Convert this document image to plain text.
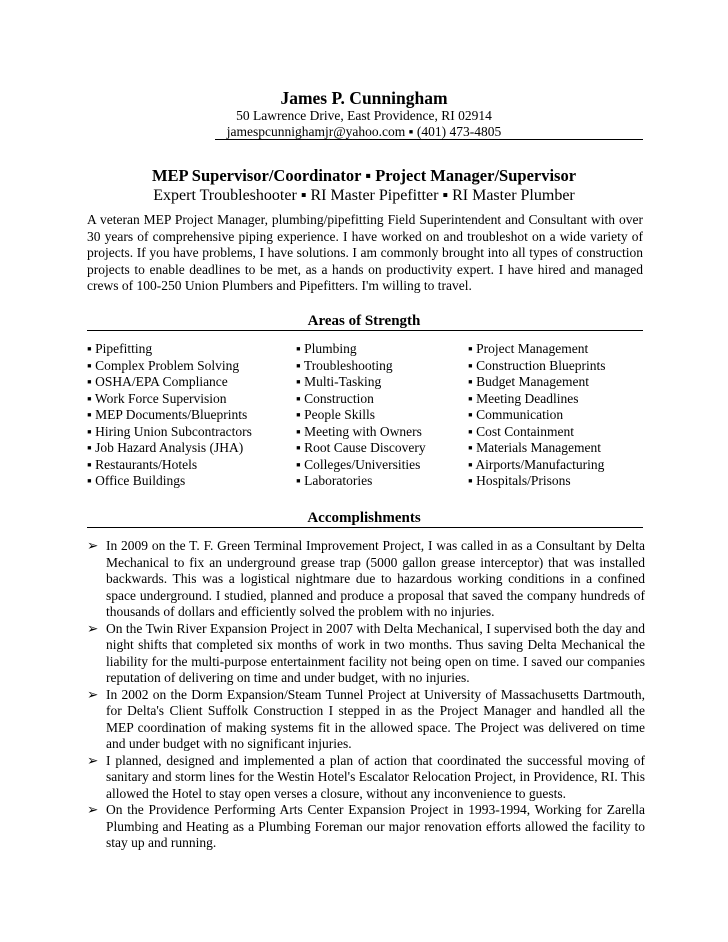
James P. Cunningham
50 Lawrence Drive, East Providence, RI 02914
jamespcunnighamjr@yahoo.com ▪ (401) 473-4805
MEP Supervisor/Coordinator ▪ Project Manager/Supervisor
Expert Troubleshooter ▪ RI Master Pipefitter ▪ RI Master Plumber
A veteran MEP Project Manager, plumbing/pipefitting Field Superintendent and Consultant with over 30 years of comprehensive piping experience. I have worked on and troubleshot on a wide variety of projects. If you have problems, I have solutions. I am commonly brought into all types of construction projects to enable deadlines to be met, as a hands on productivity expert. I have hired and managed crews of 100-250 Union Plumbers and Pipefitters. I'm willing to travel.
Areas of Strength
▪ Pipefitting
▪ Complex Problem Solving
▪ OSHA/EPA Compliance
▪ Work Force Supervision
▪ MEP Documents/Blueprints
▪ Hiring Union Subcontractors
▪ Job Hazard Analysis (JHA)
▪ Restaurants/Hotels
▪ Office Buildings
▪ Plumbing
▪ Troubleshooting
▪ Multi-Tasking
▪ Construction
▪ People Skills
▪ Meeting with Owners
▪ Root Cause Discovery
▪ Colleges/Universities
▪ Laboratories
▪ Project Management
▪ Construction Blueprints
▪ Budget Management
▪ Meeting Deadlines
▪ Communication
▪ Cost Containment
▪ Materials Management
▪ Airports/Manufacturing
▪ Hospitals/Prisons
Accomplishments

➢ In 2009 on the T. F. Green Terminal Improvement Project, I was called in as a Consultant by Delta Mechanical to fix an underground grease trap (5000 gallon grease interceptor) that was installed backwards. This was a logistical nightmare due to hazardous working conditions in a confined space underground. I studied, planned and produce a proposal that saved the company hundreds of thousands of dollars and efficiently solved the problem with no injuries.

➢ On the Twin River Expansion Project in 2007 with Delta Mechanical, I supervised both the day and night shifts that completed six months of work in two months. Thus saving Delta Mechanical the liability for the multi-purpose entertainment facility not being open on time. I saved our companies reputation of delivering on time and under budget, with no injuries.

➢ In 2002 on the Dorm Expansion/Steam Tunnel Project at University of Massachusetts Dartmouth, for Delta's Client Suffolk Construction I stepped in as the Project Manager and handled all the MEP coordination of making systems fit in the allowed space. The Project was delivered on time and under budget with no significant injuries.

➢ I planned, designed and implemented a plan of action that coordinated the successful moving of sanitary and storm lines for the Westin Hotel's Escalator Relocation Project, in Providence, RI. This allowed the Hotel to stay open verses a closure, without any inconvenience to guests.

➢ On the Providence Performing Arts Center Expansion Project in 1993-1994, Working for Zarella Plumbing and Heating as a Plumbing Foreman our major renovation efforts allowed the facility to stay up and running.
